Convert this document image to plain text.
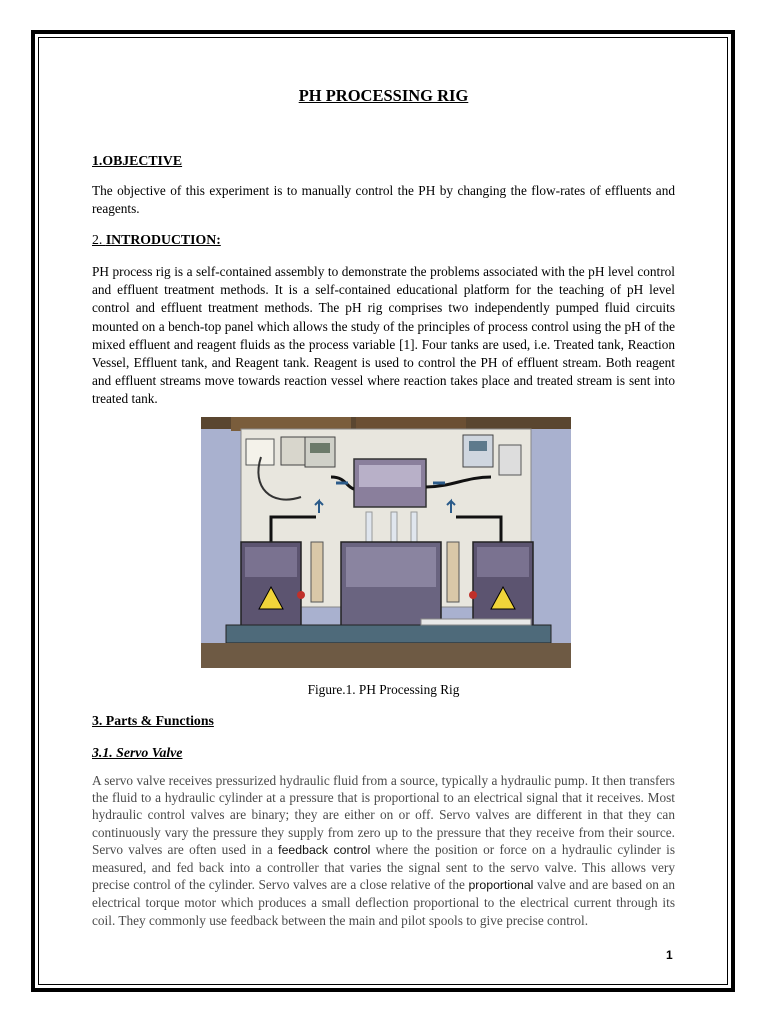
PH PROCESSING RIG
1.OBJECTIVE

The objective of this experiment is to manually control the PH by changing the flow-rates of effluents and reagents.

2. INTRODUCTION:

PH process rig is a self-contained assembly to demonstrate the problems associated with the pH level control and effluent treatment methods. It is a self-contained educational platform for the teaching of pH level control and effluent treatment methods. The pH rig comprises two independently pumped fluid circuits mounted on a bench-top panel which allows the study of the principles of process control using the pH of the mixed effluent and reagent fluids as the process variable [1]. Four tanks are used, i.e. Treated tank, Reaction Vessel, Effluent tank, and Reagent tank. Reagent is used to control the PH of effluent stream. Both reagent and effluent streams move towards reaction vessel where reaction takes place and treated stream is sent into treated tank.

Figure.1. PH Processing Rig
3. Parts & Functions
3.1. Servo Valve

A servo valve receives pressurized hydraulic fluid from a source, typically a hydraulic pump. It then transfers the fluid to a hydraulic cylinder at a pressure that is proportional to an electrical signal that it receives. Most hydraulic control valves are binary; they are either on or off. Servo valves are different in that they can continuously vary the pressure they supply from zero up to the pressure that they receive from their source. Servo valves are often used in a feedback control where the position or force on a hydraulic cylinder is measured, and fed back into a controller that varies the signal sent to the servo valve. This allows very precise control of the cylinder. Servo valves are a close relative of the proportional valve and are based on an electrical torque motor which produces a small deflection proportional to the electrical current through its coil. They commonly use feedback between the main and pilot spools to give precise control.

1
